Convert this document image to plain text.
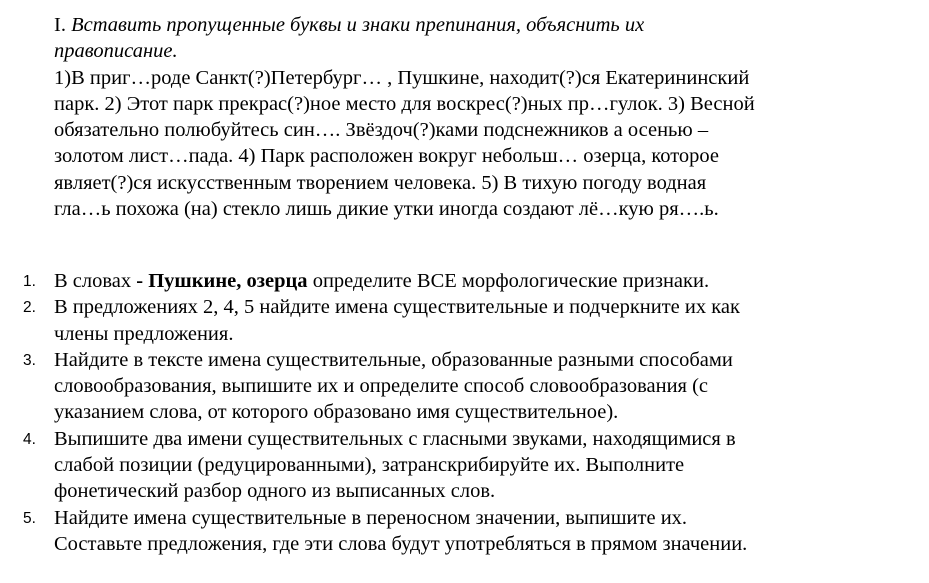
I. Вставить пропущенные буквы и знаки препинания, объяснить их
правописание.
1)В приг…роде Санкт(?)Петербург… , Пушкине, находит(?)ся Екатерининский
парк. 2) Этот парк прекрас(?)ное место для воскрес(?)ных пр…гулок. 3) Весной
обязательно полюбуйтесь син…. Звёздоч(?)ками подснежников а осенью –
золотом лист…пада. 4) Парк расположен вокруг небольш… озерца, которое
являет(?)ся искусственным творением человека. 5) В тихую погоду водная
гла…ь похожа (на) стекло лишь дикие утки иногда создают лё…кую ря….ь.
1. В словах - Пушкине, озерца определите ВСЕ морфологические признаки.
2. В предложениях 2, 4, 5 найдите имена существительные и подчеркните их как
члены предложения.
3. Найдите в тексте имена существительные, образованные разными способами
словообразования, выпишите их и определите способ словообразования (с
указанием слова, от которого образовано имя существительное).
4. Выпишите два имени существительных с гласными звуками, находящимися в
слабой позиции (редуцированными), затранскрибируйте их. Выполните
фонетический разбор одного из выписанных слов.
5. Найдите имена существительные в переносном значении, выпишите их.
Составьте предложения, где эти слова будут употребляться в прямом значении.
